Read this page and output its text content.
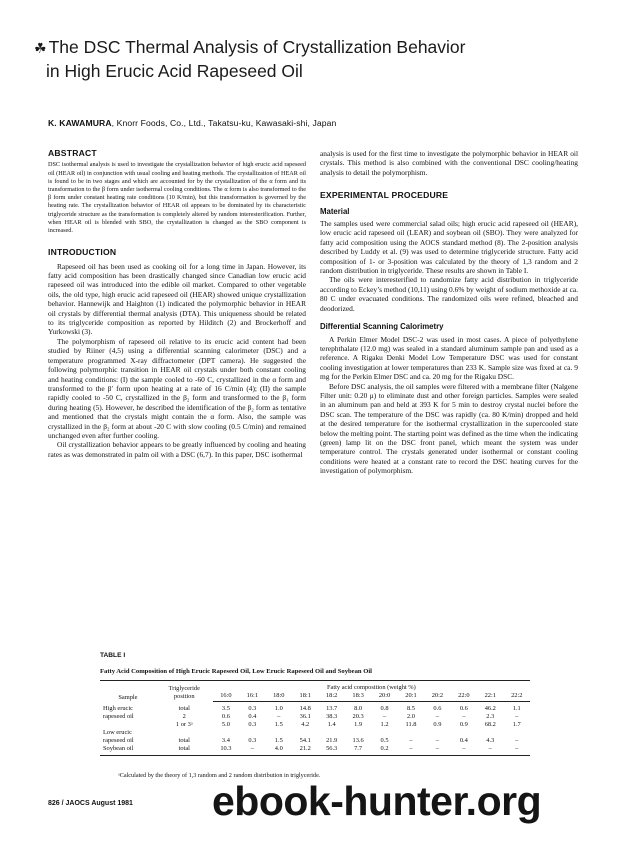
☘ The DSC Thermal Analysis of Crystallization Behavior
in High Erucic Acid Rapeseed Oil
K. KAWAMURA, Knorr Foods, Co., Ltd., Takatsu-ku, Kawasaki-shi, Japan
ABSTRACT

DSC isothermal analysis is used to investigate the crystallization behavior of high erucic acid rapeseed oil (HEAR oil) in conjunction with usual cooling and heating methods. The crystallization of HEAR oil is found to be in two stages and which are accounted for by the crystallization of the α form and its transformation to the β form under isothermal cooling conditions. The α form is also transformed to the β form under constant heating rate conditions (10 K/min), but this transformation is governed by the heating rate. The crystallization behavior of HEAR oil appears to be dominated by its characteristic triglyceride structure as the transformation is completely altered by random interesterification. Further, when HEAR oil is blended with SBO, the crystallization is changed as the SBO component is increased.

INTRODUCTION

Rapeseed oil has been used as cooking oil for a long time in Japan. However, its fatty acid composition has been drastically changed since Canadian low erucic acid rapeseed oil was introduced into the edible oil market. Compared to other vegetable oils, the old type, high erucic acid rapeseed oil (HEAR) showed unique crystallization behavior. Hannewijk and Haighton (1) indicated the polymorphic behavior in HEAR oil crystals by differential thermal analysis (DTA). This uniqueness should be related to its triglyceride composition as reported by Hilditch (2) and Brockerhoff and Yurkowski (3).

The polymorphism of rapeseed oil relative to its erucic acid content had been studied by Riiner (4,5) using a differential scanning calorimeter (DSC) and a temperature programmed X-ray diffractometer (DPT camera). He suggested the following polymorphic transition in HEAR oil crystals under both constant cooling and heating conditions: (I) the sample cooled to -60 C, crystallized in the α form and transformed to the β′ form upon heating at a rate of 16 C/min (4); (II) the sample rapidly cooled to -50 C, crystallized in the β₂ form and transformed to the β₁ form during heating (5). However, he described the identification of the β₂ form as tentative and mentioned that the crystals might contain the α form. Also, the sample was crystallized in the β₂ form at about -20 C with slow cooling (0.5 C/min) and remained unchanged even after further cooling.

Oil crystallization behavior appears to be greatly influenced by cooling and heating rates as was demonstrated in palm oil with a DSC (6,7). In this paper, DSC isothermal

analysis is used for the first time to investigate the polymorphic behavior in HEAR oil crystals. This method is also combined with the conventional DSC cooling/heating analysis to detail the polymorphism.

EXPERIMENTAL PROCEDURE
Material

The samples used were commercial salad oils; high erucic acid rapeseed oil (HEAR), low erucic acid rapeseed oil (LEAR) and soybean oil (SBO). They were analyzed for fatty acid composition using the AOCS standard method (8). The 2-position analysis described by Luddy et al. (9) was used to determine triglyceride structure. Fatty acid composition of 1- or 3-position was calculated by the theory of 1,3 random and 2 random distribution in triglyceride. These results are shown in Table I.

The oils were interesterified to randomize fatty acid distribution in triglyceride according to Eckey’s method (10,11) using 0.6% by weight of sodium methoxide at ca. 80 C under evacuated conditions. The randomized oils were refined, bleached and deodorized.

Differential Scanning Calorimetry

A Perkin Elmer Model DSC-2 was used in most cases. A piece of polyethylene terephthalate (12.0 mg) was sealed in a standard aluminum sample pan and used as a reference. A Rigaku Denki Model Low Temperature DSC was used for constant cooling investigation at lower temperatures than 233 K. Sample size was fixed at ca. 9 mg for the Perkin Elmer DSC and ca. 20 mg for the Rigaku DSC.

Before DSC analysis, the oil samples were filtered with a membrane filter (Nalgene Filter unit: 0.20 μ) to eliminate dust and other foreign particles. Samples were sealed in an aluminum pan and held at 393 K for 5 min to destroy crystal nuclei before the DSC scan. The temperature of the DSC was rapidly (ca. 80 K/min) dropped and held at the desired temperature for the isothermal crystallization in the supercooled state below the melting point. The starting point was defined as the time when the indicating (green) lamp lit on the DSC front panel, which meant the system was under temperature control. The crystals generated under isothermal or constant cooling conditions were heated at a constant rate to record the DSC heating curves for the investigation of polymorphism.

TABLE I
Fatty Acid Composition of High Erucic Rapeseed Oil, Low Erucic Rapeseed Oil and Soybean Oil
Sample	Triglyceride
position	Fatty acid composition (weight %)											
		16:0	16:1	18:0	18:1	18:2	18:3	20:0	20:1	20:2	22:0	22:1	22:2
High erucic	total	3.5	0.3	1.0	14.8	13.7	8.0	0.8	8.5	0.6	0.6	46.2	1.1
rapeseed oil	2	0.6	0.4	–	36.1	38.3	20.3	–	2.0	–	–	2.3	–
	1 or 3ᵃ	5.0	0.3	1.5	4.2	1.4	1.9	1.2	11.8	0.9	0.9	68.2	1.7
Low erucic													
rapeseed oil	total	3.4	0.3	1.5	54.1	21.9	13.6	0.5	–	–	0.4	4.3	–
Soybean oil	total	10.3	–	4.0	21.2	56.3	7.7	0.2	–	–	–	–	–
ᵃCalculated by the theory of 1,3 random and 2 random distribution in triglyceride.
826 / JAOCS August 1981 ebook-hunter.org
